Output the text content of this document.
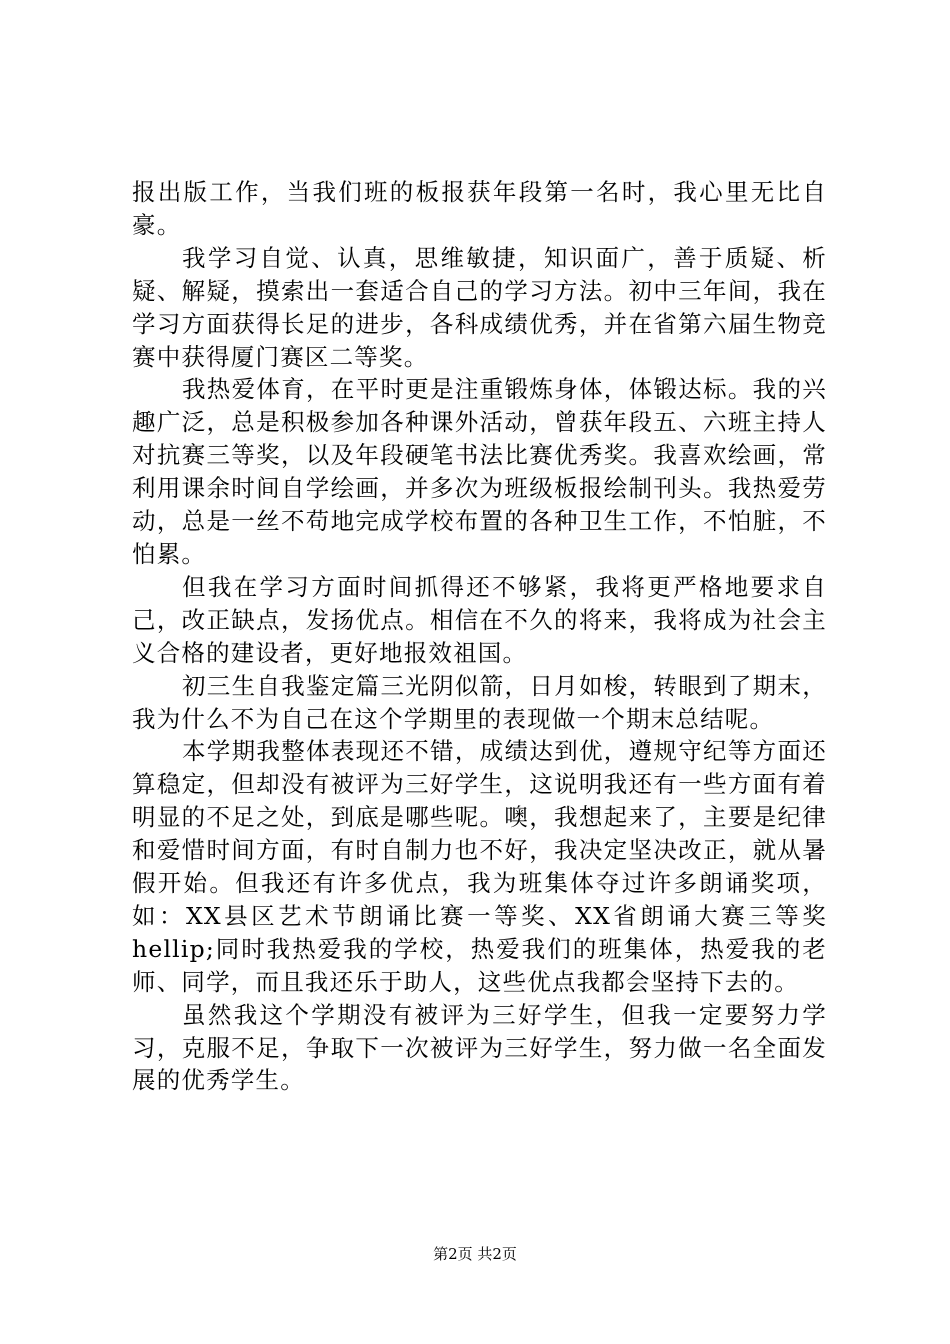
报出版工作，当我们班的板报获年段第一名时，我心里无比自豪。

我学习自觉、认真，思维敏捷，知识面广，善于质疑、析疑、解疑，摸索出一套适合自己的学习方法。初中三年间，我在学习方面获得长足的进步，各科成绩优秀，并在省第六届生物竞赛中获得厦门赛区二等奖。

我热爱体育，在平时更是注重锻炼身体，体锻达标。我的兴趣广泛，总是积极参加各种课外活动，曾获年段五、六班主持人对抗赛三等奖，以及年段硬笔书法比赛优秀奖。我喜欢绘画，常利用课余时间自学绘画，并多次为班级板报绘制刊头。我热爱劳动，总是一丝不苟地完成学校布置的各种卫生工作，不怕脏，不怕累。

但我在学习方面时间抓得还不够紧，我将更严格地要求自己，改正缺点，发扬优点。相信在不久的将来，我将成为社会主义合格的建设者，更好地报效祖国。

初三生自我鉴定篇三光阴似箭，日月如梭，转眼到了期末，我为什么不为自己在这个学期里的表现做一个期末总结呢。

本学期我整体表现还不错，成绩达到优，遵规守纪等方面还算稳定，但却没有被评为三好学生，这说明我还有一些方面有着明显的不足之处，到底是哪些呢。噢，我想起来了，主要是纪律和爱惜时间方面，有时自制力也不好，我决定坚决改正，就从暑假开始。但我还有许多优点，我为班集体夺过许多朗诵奖项，如：XX县区艺术节朗诵比赛一等奖、XX省朗诵大赛三等奖hellip;同时我热爱我的学校，热爱我们的班集体，热爱我的老师、同学，而且我还乐于助人，这些优点我都会坚持下去的。

虽然我这个学期没有被评为三好学生，但我一定要努力学习，克服不足，争取下一次被评为三好学生，努力做一名全面发展的优秀学生。

第2页 共2页
